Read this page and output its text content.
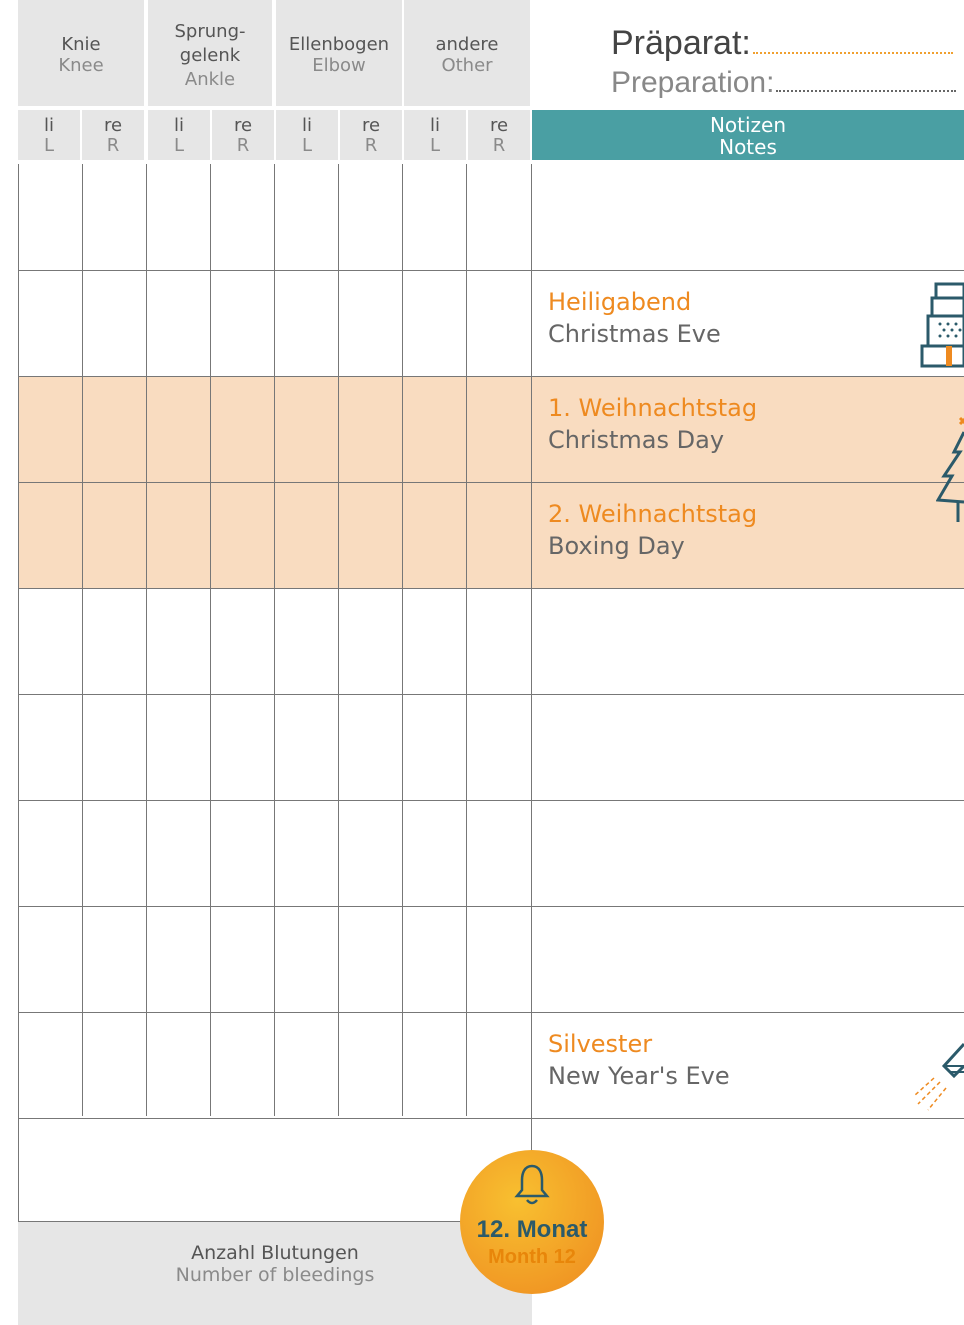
Knie
Knee
Sprung-
gelenk
Ankle
Ellenbogen
Elbow
andere
Other
li
L
re
R
li
L
re
R
li
L
re
R
li
L
re
R
Präparat:
Preparation:
Notizen
Notes
Heiligabend
Christmas Eve
1. Weihnachtstag
Christmas Day
2. Weihnachtstag
Boxing Day
Silvester
New Year's Eve
Anzahl Blutungen
Number of bleedings
12. Monat
Month 12
